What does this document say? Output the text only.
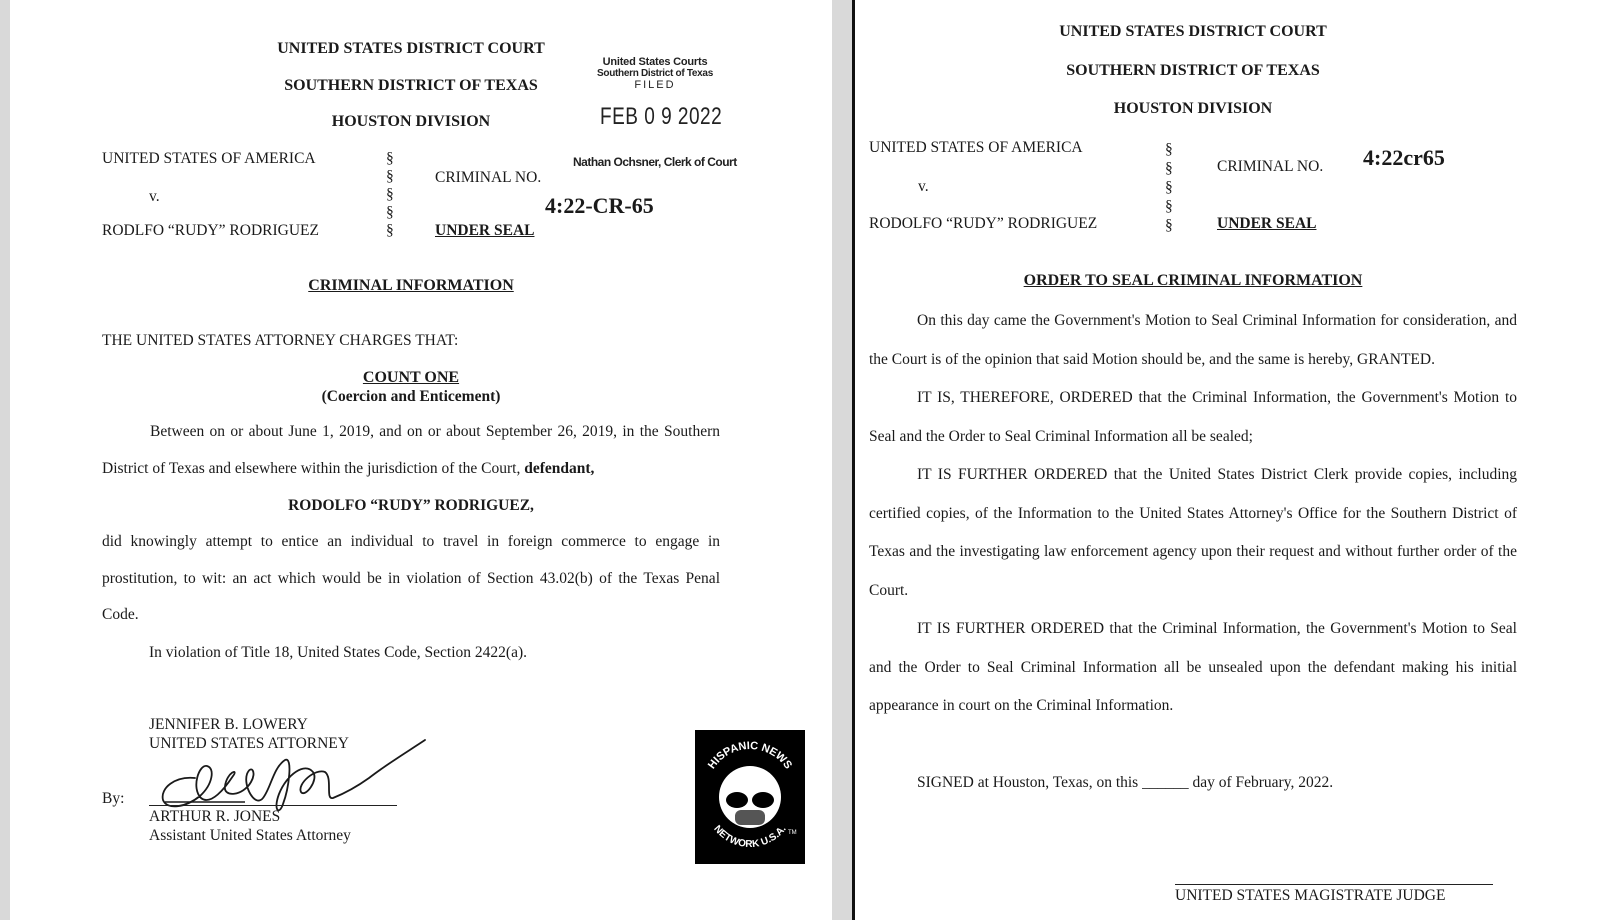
UNITED STATES DISTRICT COURT
SOUTHERN DISTRICT OF TEXAS
HOUSTON DIVISION
United States Courts
Southern District of Texas
FILED
FEB 0 9 2022
Nathan Ochsner, Clerk of Court
UNITED STATES OF AMERICA
v.
RODLFO “RUDY” RODRIGUEZ
§
§
§
§
§
CRIMINAL NO.
4:22-CR-65
UNDER SEAL
CRIMINAL INFORMATION
THE UNITED STATES ATTORNEY CHARGES THAT:
COUNT ONE
(Coercion and Enticement)
Between on or about June 1, 2019, and on or about September 26, 2019, in the Southern District of Texas and elsewhere within the jurisdiction of the Court, defendant,
RODOLFO “RUDY” RODRIGUEZ,
did knowingly attempt to entice an individual to travel in foreign commerce to engage in prostitution, to wit: an act which would be in violation of Section 43.02(b) of the Texas Penal Code.
In violation of Title 18, United States Code, Section 2422(a).
JENNIFER B. LOWERY
UNITED STATES ATTORNEY
By:
ARTHUR R. JONES
Assistant United States Attorney
HISPANIC NEWS
NETWORK U.S.A.
TM
UNITED STATES DISTRICT COURT
SOUTHERN DISTRICT OF TEXAS
HOUSTON DIVISION
UNITED STATES OF AMERICA
v.
RODOLFO “RUDY” RODRIGUEZ
§
§
§
§
§
CRIMINAL NO. 4:22cr65
UNDER SEAL
ORDER TO SEAL CRIMINAL INFORMATION
On this day came the Government's Motion to Seal Criminal Information for consideration, and the Court is of the opinion that said Motion should be, and the same is hereby, GRANTED.
IT IS, THEREFORE, ORDERED that the Criminal Information, the Government's Motion to Seal and the Order to Seal Criminal Information all be sealed;
IT IS FURTHER ORDERED that the United States District Clerk provide copies, including certified copies, of the Information to the United States Attorney's Office for the Southern District of Texas and the investigating law enforcement agency upon their request and without further order of the Court.
IT IS FURTHER ORDERED that the Criminal Information, the Government's Motion to Seal and the Order to Seal Criminal Information all be unsealed upon the defendant making his initial appearance in court on the Criminal Information.
SIGNED at Houston, Texas, on this ______ day of February, 2022.
UNITED STATES MAGISTRATE JUDGE
